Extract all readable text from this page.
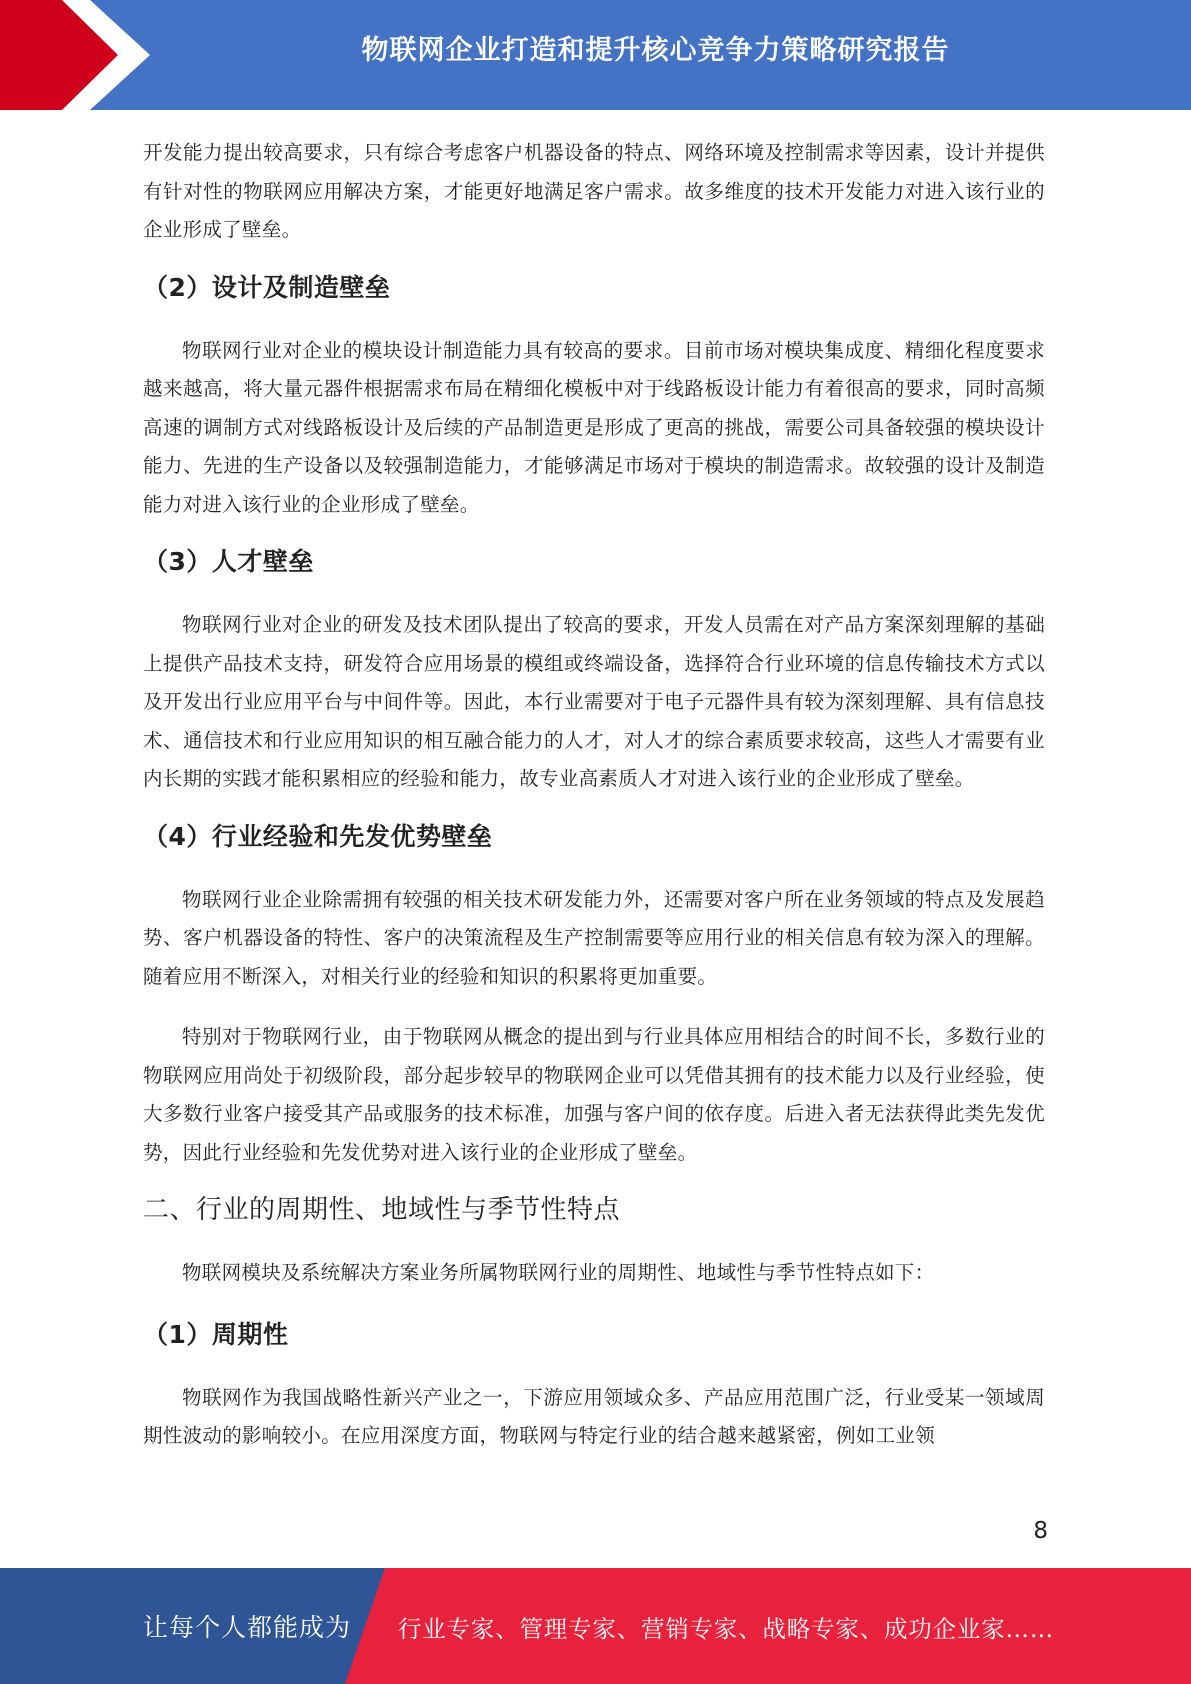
物联网企业打造和提升核心竞争力策略研究报告

开发能力提出较高要求，只有综合考虑客户机器设备的特点、网络环境及控制需求等因素，设计并提供有针对性的物联网应用解决方案，才能更好地满足客户需求。故多维度的技术开发能力对进入该行业的企业形成了壁垒。

（2）设计及制造壁垒

物联网行业对企业的模块设计制造能力具有较高的要求。目前市场对模块集成度、精细化程度要求越来越高，将大量元器件根据需求布局在精细化模板中对于线路板设计能力有着很高的要求，同时高频高速的调制方式对线路板设计及后续的产品制造更是形成了更高的挑战，需要公司具备较强的模块设计能力、先进的生产设备以及较强制造能力，才能够满足市场对于模块的制造需求。故较强的设计及制造能力对进入该行业的企业形成了壁垒。

（3）人才壁垒

物联网行业对企业的研发及技术团队提出了较高的要求，开发人员需在对产品方案深刻理解的基础上提供产品技术支持，研发符合应用场景的模组或终端设备，选择符合行业环境的信息传输技术方式以及开发出行业应用平台与中间件等。因此，本行业需要对于电子元器件具有较为深刻理解、具有信息技术、通信技术和行业应用知识的相互融合能力的人才，对人才的综合素质要求较高，这些人才需要有业内长期的实践才能积累相应的经验和能力，故专业高素质人才对进入该行业的企业形成了壁垒。

（4）行业经验和先发优势壁垒

物联网行业企业除需拥有较强的相关技术研发能力外，还需要对客户所在业务领域的特点及发展趋势、客户机器设备的特性、客户的决策流程及生产控制需要等应用行业的相关信息有较为深入的理解。随着应用不断深入，对相关行业的经验和知识的积累将更加重要。

特别对于物联网行业，由于物联网从概念的提出到与行业具体应用相结合的时间不长，多数行业的物联网应用尚处于初级阶段，部分起步较早的物联网企业可以凭借其拥有的技术能力以及行业经验，使大多数行业客户接受其产品或服务的技术标准，加强与客户间的依存度。后进入者无法获得此类先发优势，因此行业经验和先发优势对进入该行业的企业形成了壁垒。

二、行业的周期性、地域性与季节性特点

物联网模块及系统解决方案业务所属物联网行业的周期性、地域性与季节性特点如下：

（1）周期性

物联网作为我国战略性新兴产业之一，下游应用领域众多、产品应用范围广泛，行业受某一领域周期性波动的影响较小。在应用深度方面，物联网与特定行业的结合越来越紧密，例如工业领

8
让每个人都能成为 行业专家、管理专家、营销专家、战略专家、成功企业家……
